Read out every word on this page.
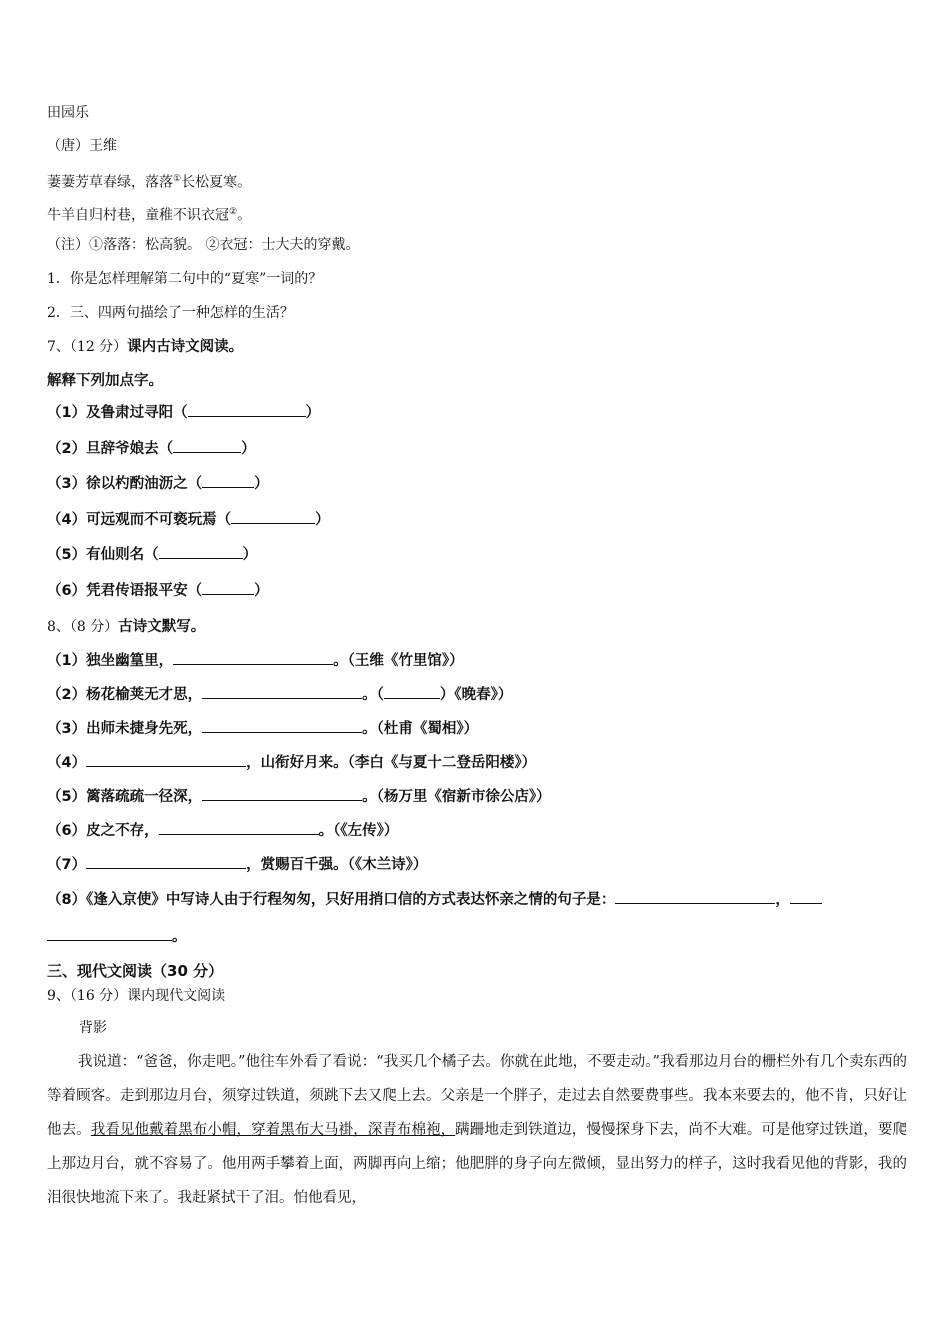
田园乐
（唐）王维
萋萋芳草春绿，落落①长松夏寒。
牛羊自归村巷，童稚不识衣冠②。
（注）①落落：松高貌。 ②衣冠：士大夫的穿戴。
1．你是怎样理解第二句中的“夏寒”一词的？
2．三、四两句描绘了一种怎样的生活？
7、（12 分）课内古诗文阅读。
解释下列加点字。
（1）及鲁肃过寻阳（	）
（2）旦辞爷娘去（	）
（3）徐以杓酌油沥之（	）
（4）可远观而不可亵玩焉（	）
（5）有仙则名（	）
（6）凭君传语报平安（	）
8、（8 分）古诗文默写。
（1）独坐幽篁里，	。（王维《竹里馆》）
（2）杨花榆荚无才思，	。（	）《晚春》）
（3）出师未捷身先死，	。（杜甫《蜀相》）
（4）	，山衔好月来。（李白《与夏十二登岳阳楼》）
（5）篱落疏疏一径深，	。（杨万里《宿新市徐公店》）
（6）皮之不存，	。（《左传》）
（7）	，赏赐百千强。（《木兰诗》）
（8）《逢入京使》中写诗人由于行程匆匆，只好用捎口信的方式表达怀亲之情的句子是：	，
。
三、现代文阅读（30 分）
9、（16 分）课内现代文阅读
背影
我说道：“爸爸，你走吧。”他往车外看了看说：“我买几个橘子去。你就在此地，不要走动。”我看那边月台的栅栏外有几个卖东西的等着顾客。走到那边月台，须穿过铁道，须跳下去又爬上去。父亲是一个胖子，走过去自然要费事些。我本来要去的，他不肯，只好让他去。我看见他戴着黑布小帽，穿着黑布大马褂，深青布棉袍，蹒跚地走到铁道边，慢慢探身下去，尚不大难。可是他穿过铁道，要爬上那边月台，就不容易了。他用两手攀着上面，两脚再向上缩；他肥胖的身子向左微倾，显出努力的样子，这时我看见他的背影，我的泪很快地流下来了。我赶紧拭干了泪。怕他看见，
